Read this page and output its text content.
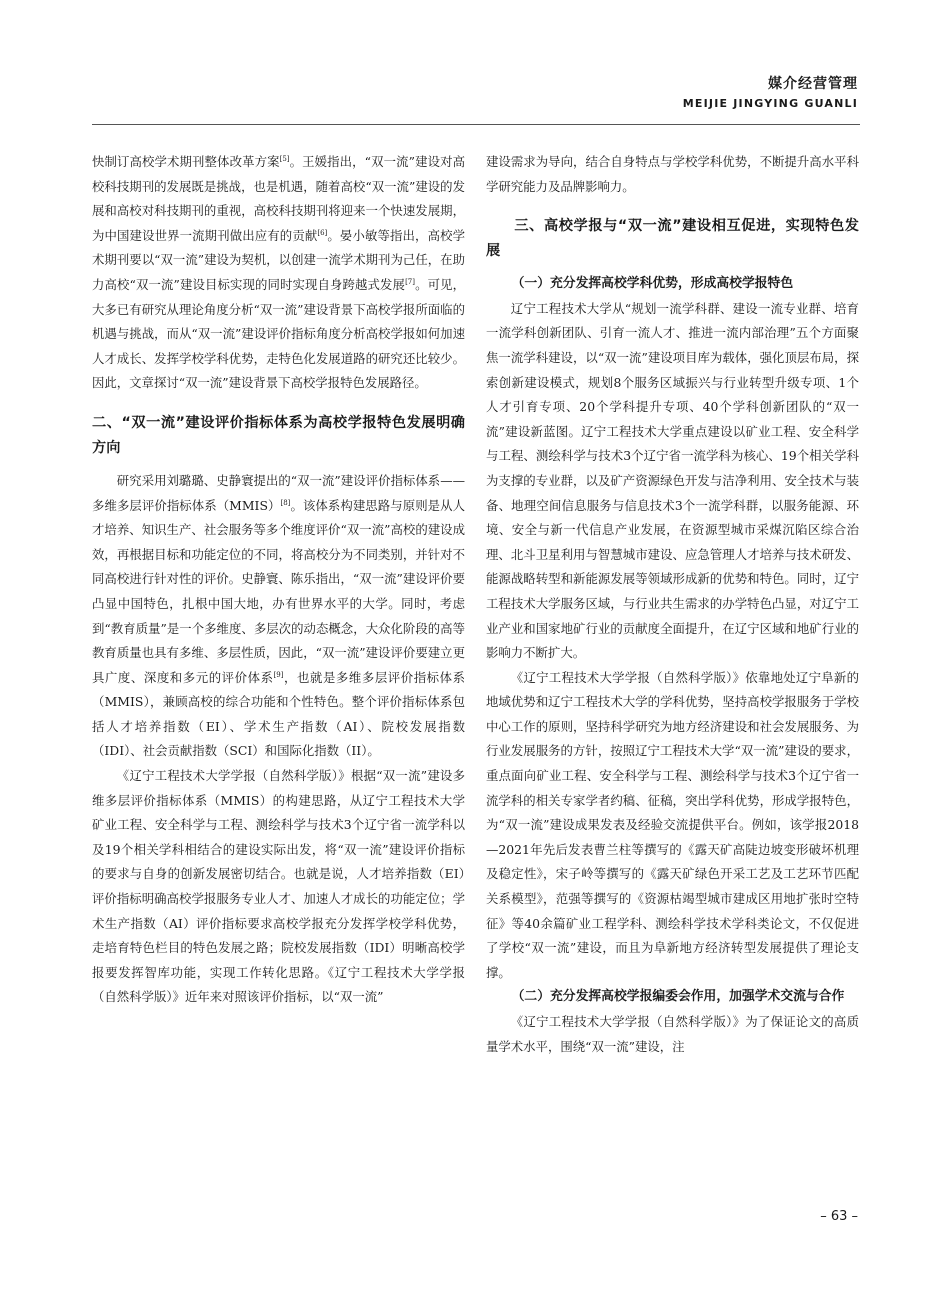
媒介经营管理
MEIJIE JINGYING GUANLI

快制订高校学术期刊整体改革方案[5]。王媛指出，“双一流”建设对高校科技期刊的发展既是挑战，也是机遇，随着高校“双一流”建设的发展和高校对科技期刊的重视，高校科技期刊将迎来一个快速发展期，为中国建设世界一流期刊做出应有的贡献[6]。晏小敏等指出，高校学术期刊要以“双一流”建设为契机，以创建一流学术期刊为己任，在助力高校“双一流”建设目标实现的同时实现自身跨越式发展[7]。可见，大多已有研究从理论角度分析“双一流”建设背景下高校学报所面临的机遇与挑战，而从“双一流”建设评价指标角度分析高校学报如何加速人才成长、发挥学校学科优势，走特色化发展道路的研究还比较少。因此，文章探讨“双一流”建设背景下高校学报特色发展路径。

二、“双一流”建设评价指标体系为高校学报特色发展明确方向

研究采用刘璐璐、史静寰提出的“双一流”建设评价指标体系——多维多层评价指标体系（MMIS）[8]。该体系构建思路与原则是从人才培养、知识生产、社会服务等多个维度评价“双一流”高校的建设成效，再根据目标和功能定位的不同，将高校分为不同类别，并针对不同高校进行针对性的评价。史静寰、陈乐指出，“双一流”建设评价要凸显中国特色，扎根中国大地，办有世界水平的大学。同时，考虑到“教育质量”是一个多维度、多层次的动态概念，大众化阶段的高等教育质量也具有多维、多层性质，因此，“双一流”建设评价要建立更具广度、深度和多元的评价体系[9]，也就是多维多层评价指标体系（MMIS），兼顾高校的综合功能和个性特色。整个评价指标体系包括人才培养指数（EI）、学术生产指数（AI）、院校发展指数（IDI）、社会贡献指数（SCI）和国际化指数（II）。

《辽宁工程技术大学学报（自然科学版）》根据“双一流”建设多维多层评价指标体系（MMIS）的构建思路，从辽宁工程技术大学矿业工程、安全科学与工程、测绘科学与技术3个辽宁省一流学科以及19个相关学科相结合的建设实际出发，将“双一流”建设评价指标的要求与自身的创新发展密切结合。也就是说，人才培养指数（EI）评价指标明确高校学报服务专业人才、加速人才成长的功能定位；学术生产指数（AI）评价指标要求高校学报充分发挥学校学科优势，走培育特色栏目的特色发展之路；院校发展指数（IDI）明晰高校学报要发挥智库功能，实现工作转化思路。《辽宁工程技术大学学报（自然科学版）》近年来对照该评价指标，以“双一流”

建设需求为导向，结合自身特点与学校学科优势，不断提升高水平科学研究能力及品牌影响力。

三、高校学报与“双一流”建设相互促进，实现特色发展
（一）充分发挥高校学科优势，形成高校学报特色

辽宁工程技术大学从“规划一流学科群、建设一流专业群、培育一流学科创新团队、引育一流人才、推进一流内部治理”五个方面聚焦一流学科建设，以“双一流”建设项目库为载体，强化顶层布局，探索创新建设模式，规划8个服务区域振兴与行业转型升级专项、1个人才引育专项、20个学科提升专项、40个学科创新团队的“双一流”建设新蓝图。辽宁工程技术大学重点建设以矿业工程、安全科学与工程、测绘科学与技术3个辽宁省一流学科为核心、19个相关学科为支撑的专业群，以及矿产资源绿色开发与洁净利用、安全技术与装备、地理空间信息服务与信息技术3个一流学科群，以服务能源、环境、安全与新一代信息产业发展，在资源型城市采煤沉陷区综合治理、北斗卫星利用与智慧城市建设、应急管理人才培养与技术研发、能源战略转型和新能源发展等领域形成新的优势和特色。同时，辽宁工程技术大学服务区域，与行业共生需求的办学特色凸显，对辽宁工业产业和国家地矿行业的贡献度全面提升，在辽宁区域和地矿行业的影响力不断扩大。

《辽宁工程技术大学学报（自然科学版）》依靠地处辽宁阜新的地域优势和辽宁工程技术大学的学科优势，坚持高校学报服务于学校中心工作的原则，坚持科学研究为地方经济建设和社会发展服务、为行业发展服务的方针，按照辽宁工程技术大学“双一流”建设的要求，重点面向矿业工程、安全科学与工程、测绘科学与技术3个辽宁省一流学科的相关专家学者约稿、征稿，突出学科优势，形成学报特色，为“双一流”建设成果发表及经验交流提供平台。例如，该学报2018—2021年先后发表曹兰柱等撰写的《露天矿高陡边坡变形破坏机理及稳定性》，宋子岭等撰写的《露天矿绿色开采工艺及工艺环节匹配关系模型》，范强等撰写的《资源枯竭型城市建成区用地扩张时空特征》等40余篇矿业工程学科、测绘科学技术学科类论文，不仅促进了学校“双一流”建设，而且为阜新地方经济转型发展提供了理论支撑。

（二）充分发挥高校学报编委会作用，加强学术交流与合作

《辽宁工程技术大学学报（自然科学版）》为了保证论文的高质量学术水平，围绕“双一流”建设，注

– 63 –
